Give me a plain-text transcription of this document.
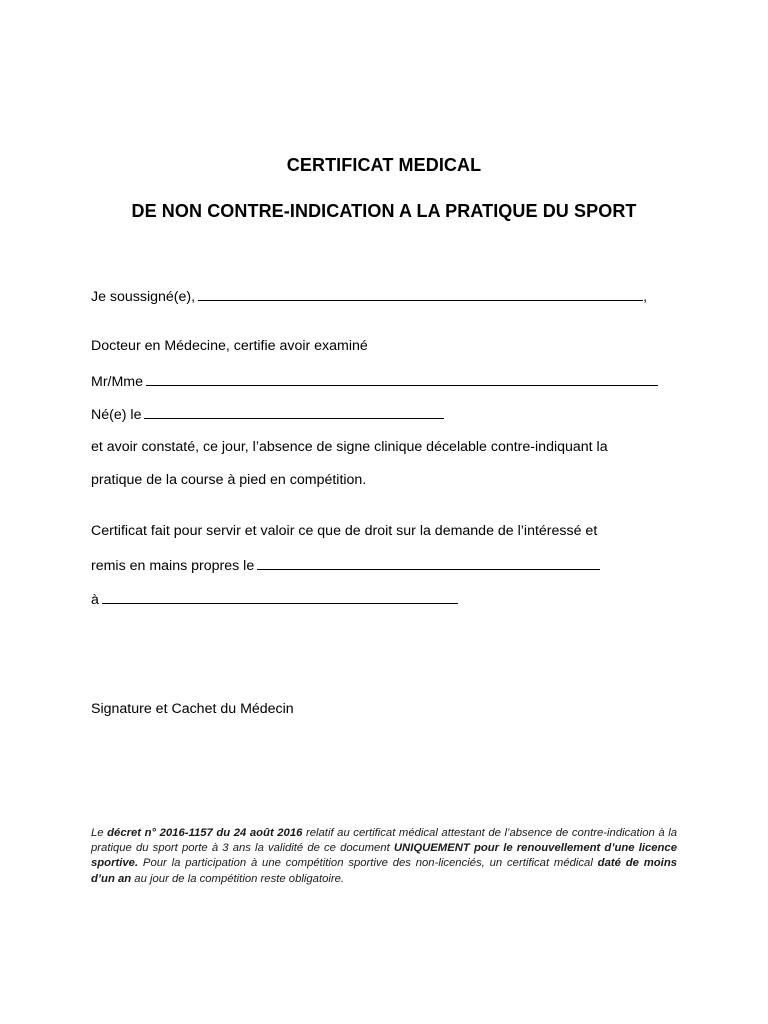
CERTIFICAT MEDICAL
DE NON CONTRE-INDICATION A LA PRATIQUE DU SPORT
Je soussigné(e),	,
Docteur en Médecine, certifie avoir examiné
Mr/Mme
Né(e) le
et avoir constaté, ce jour, l’absence de signe clinique décelable contre-indiquant la
pratique de la course à pied en compétition.
Certificat fait pour servir et valoir ce que de droit sur la demande de l’intéressé et
remis en mains propres le
à
Signature et Cachet du Médecin
Le décret n° 2016-1157 du 24 août 2016 relatif au certificat médical attestant de l’absence de contre-indication à la pratique du sport porte à 3 ans la validité de ce document UNIQUEMENT pour le renouvellement d’une licence sportive. Pour la participation à une compétition sportive des non-licenciés, un certificat médical daté de moins d’un an au jour de la compétition reste obligatoire.
